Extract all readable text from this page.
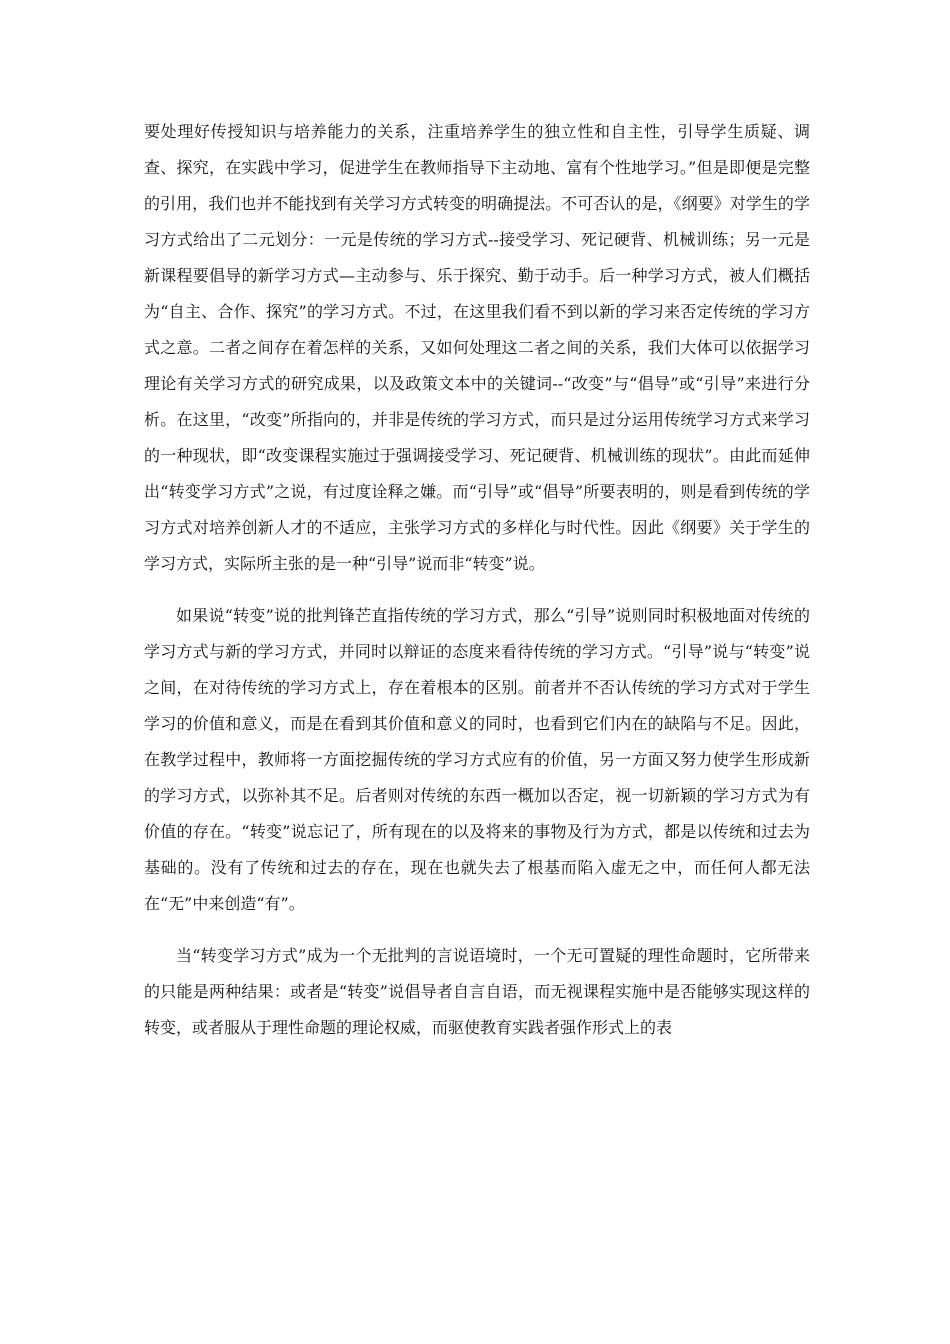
要处理好传授知识与培养能力的关系，注重培养学生的独立性和自主性，引导学生质疑、调查、探究，在实践中学习，促进学生在教师指导下主动地、富有个性地学习。”但是即便是完整的引用，我们也并不能找到有关学习方式转变的明确提法。不可否认的是，《纲要》对学生的学习方式给出了二元划分：一元是传统的学习方式--接受学习、死记硬背、机械训练；另一元是新课程要倡导的新学习方式—主动参与、乐于探究、勤于动手。后一种学习方式，被人们概括为“自主、合作、探究”的学习方式。不过，在这里我们看不到以新的学习来否定传统的学习方式之意。二者之间存在着怎样的关系，又如何处理这二者之间的关系，我们大体可以依据学习理论有关学习方式的研究成果，以及政策文本中的关键词--“改变”与“倡导”或“引导”来进行分析。在这里，“改变”所指向的，并非是传统的学习方式，而只是过分运用传统学习方式来学习的一种现状，即“改变课程实施过于强调接受学习、死记硬背、机械训练的现状”。由此而延伸出“转变学习方式”之说，有过度诠释之嫌。而“引导”或“倡导”所要表明的，则是看到传统的学习方式对培养创新人才的不适应，主张学习方式的多样化与时代性。因此《纲要》关于学生的学习方式，实际所主张的是一种“引导”说而非“转变”说。

如果说“转变”说的批判锋芒直指传统的学习方式，那么“引导”说则同时积极地面对传统的学习方式与新的学习方式，并同时以辩证的态度来看待传统的学习方式。“引导”说与“转变”说之间，在对待传统的学习方式上，存在着根本的区别。前者并不否认传统的学习方式对于学生学习的价值和意义，而是在看到其价值和意义的同时，也看到它们内在的缺陷与不足。因此，在教学过程中，教师将一方面挖掘传统的学习方式应有的价值，另一方面又努力使学生形成新的学习方式，以弥补其不足。后者则对传统的东西一概加以否定，视一切新颖的学习方式为有价值的存在。“转变”说忘记了，所有现在的以及将来的事物及行为方式，都是以传统和过去为基础的。没有了传统和过去的存在，现在也就失去了根基而陷入虚无之中，而任何人都无法在“无”中来创造“有”。

当“转变学习方式”成为一个无批判的言说语境时，一个无可置疑的理性命题时，它所带来的只能是两种结果：或者是“转变”说倡导者自言自语，而无视课程实施中是否能够实现这样的转变，或者服从于理性命题的理论权威，而驱使教育实践者强作形式上的表
